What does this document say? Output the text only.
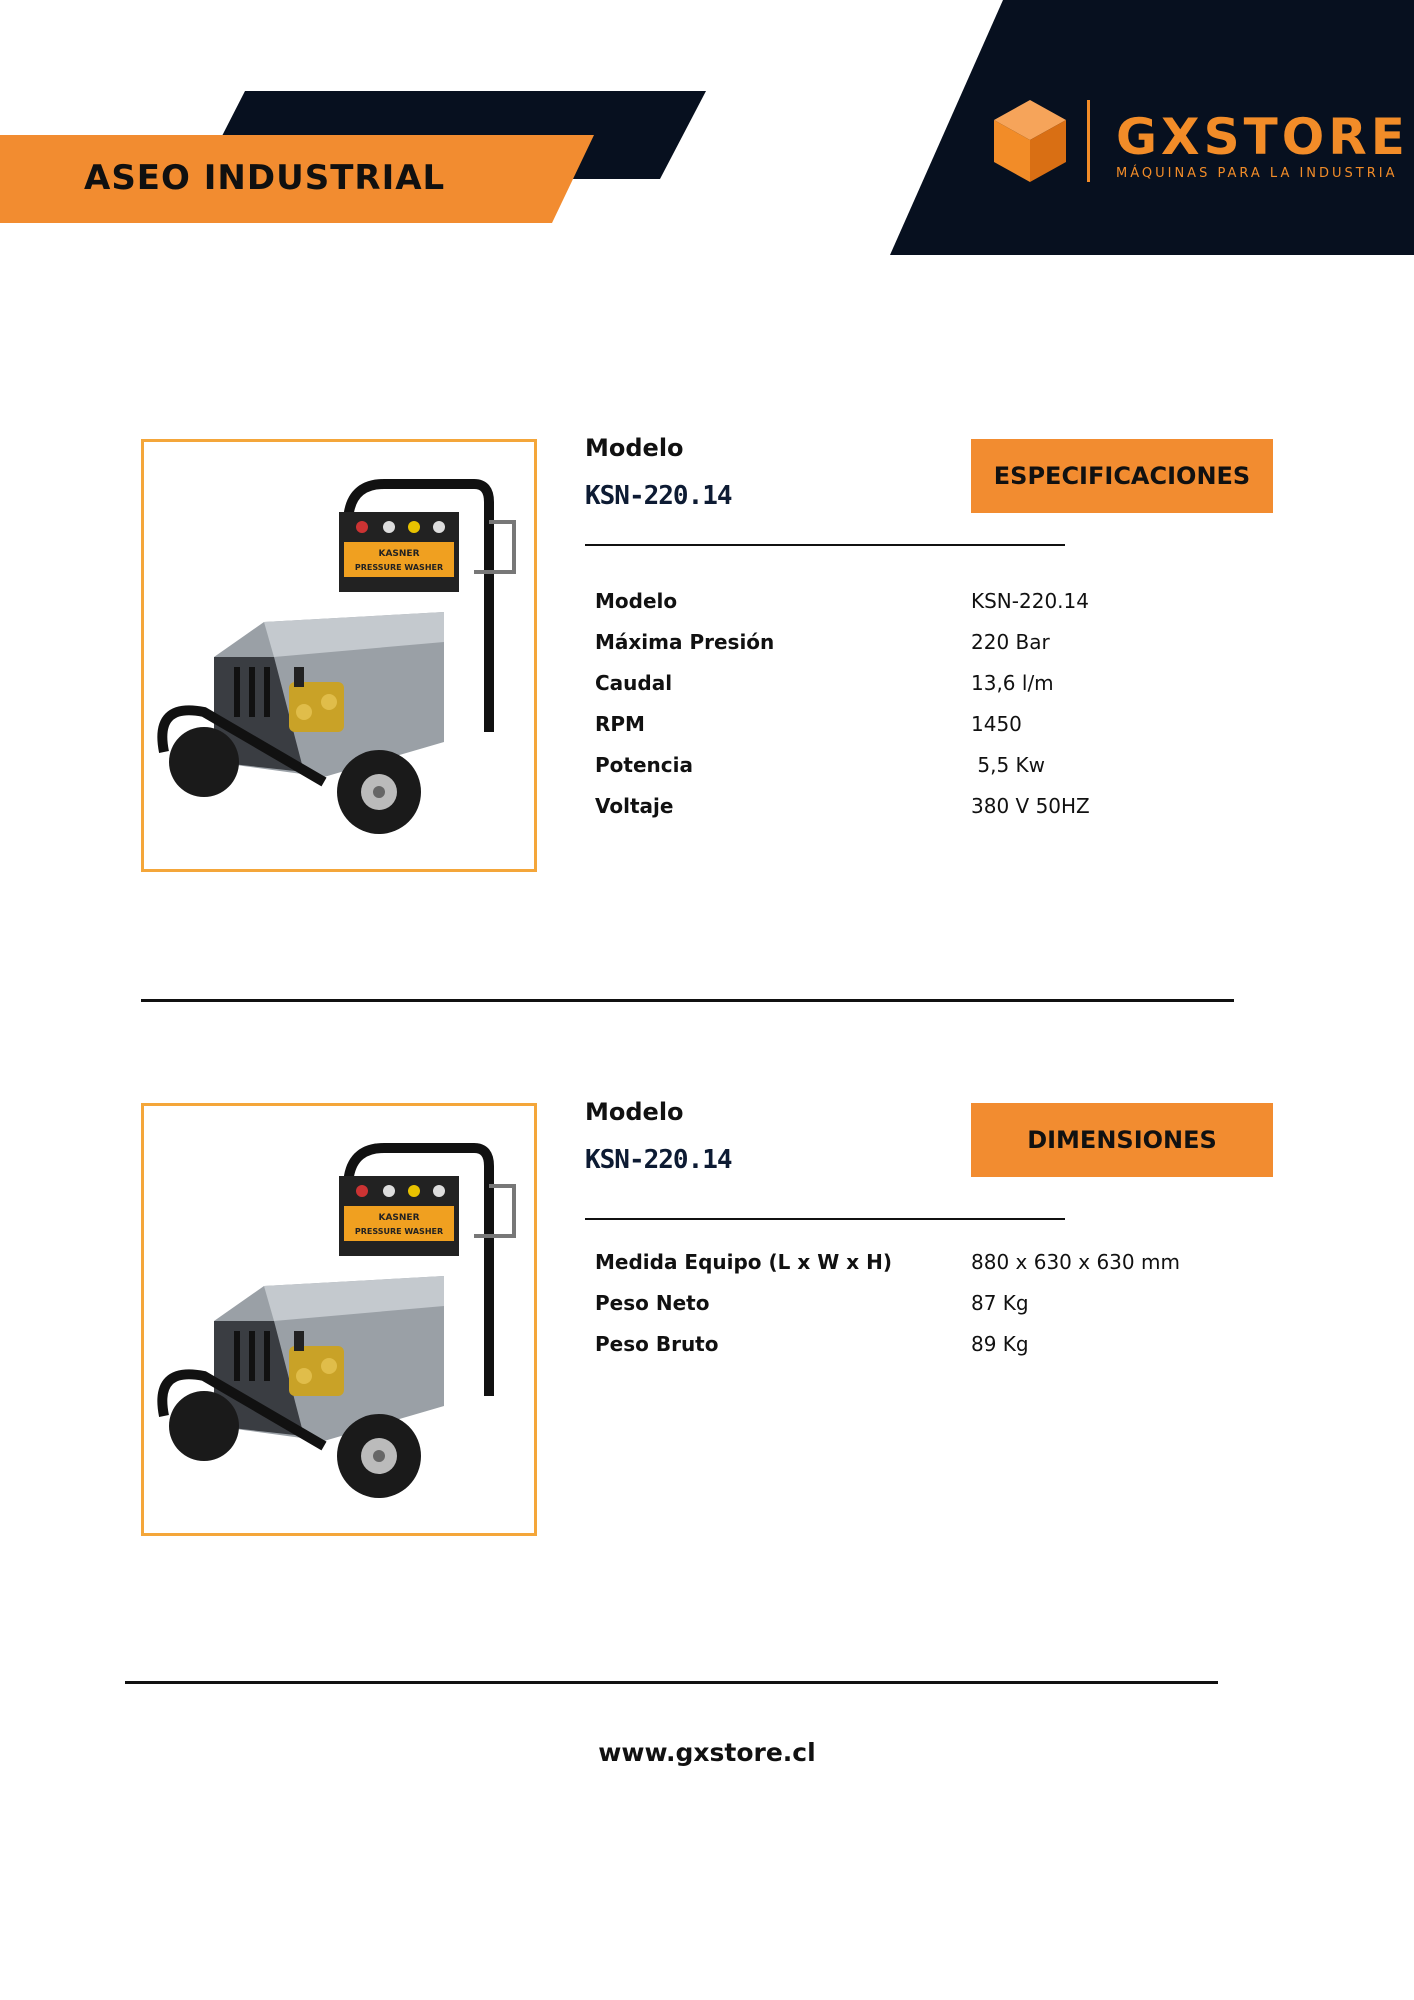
ASEO INDUSTRIAL
GXSTORE
MÁQUINAS PARA LA INDUSTRIA
KASNER
PRESSURE WASHER
Modelo
KSN-220.14
ESPECIFICACIONES
Modelo	KSN-220.14
Máxima Presión	220 Bar
Caudal	13,6 l/m
RPM	1450
Potencia	5,5 Kw
Voltaje	380 V 50HZ
KASNER
PRESSURE WASHER
Modelo
KSN-220.14
DIMENSIONES
Medida Equipo (L x W x H)	880 x 630 x 630 mm
Peso Neto	87 Kg
Peso Bruto	89 Kg
www.gxstore.cl
